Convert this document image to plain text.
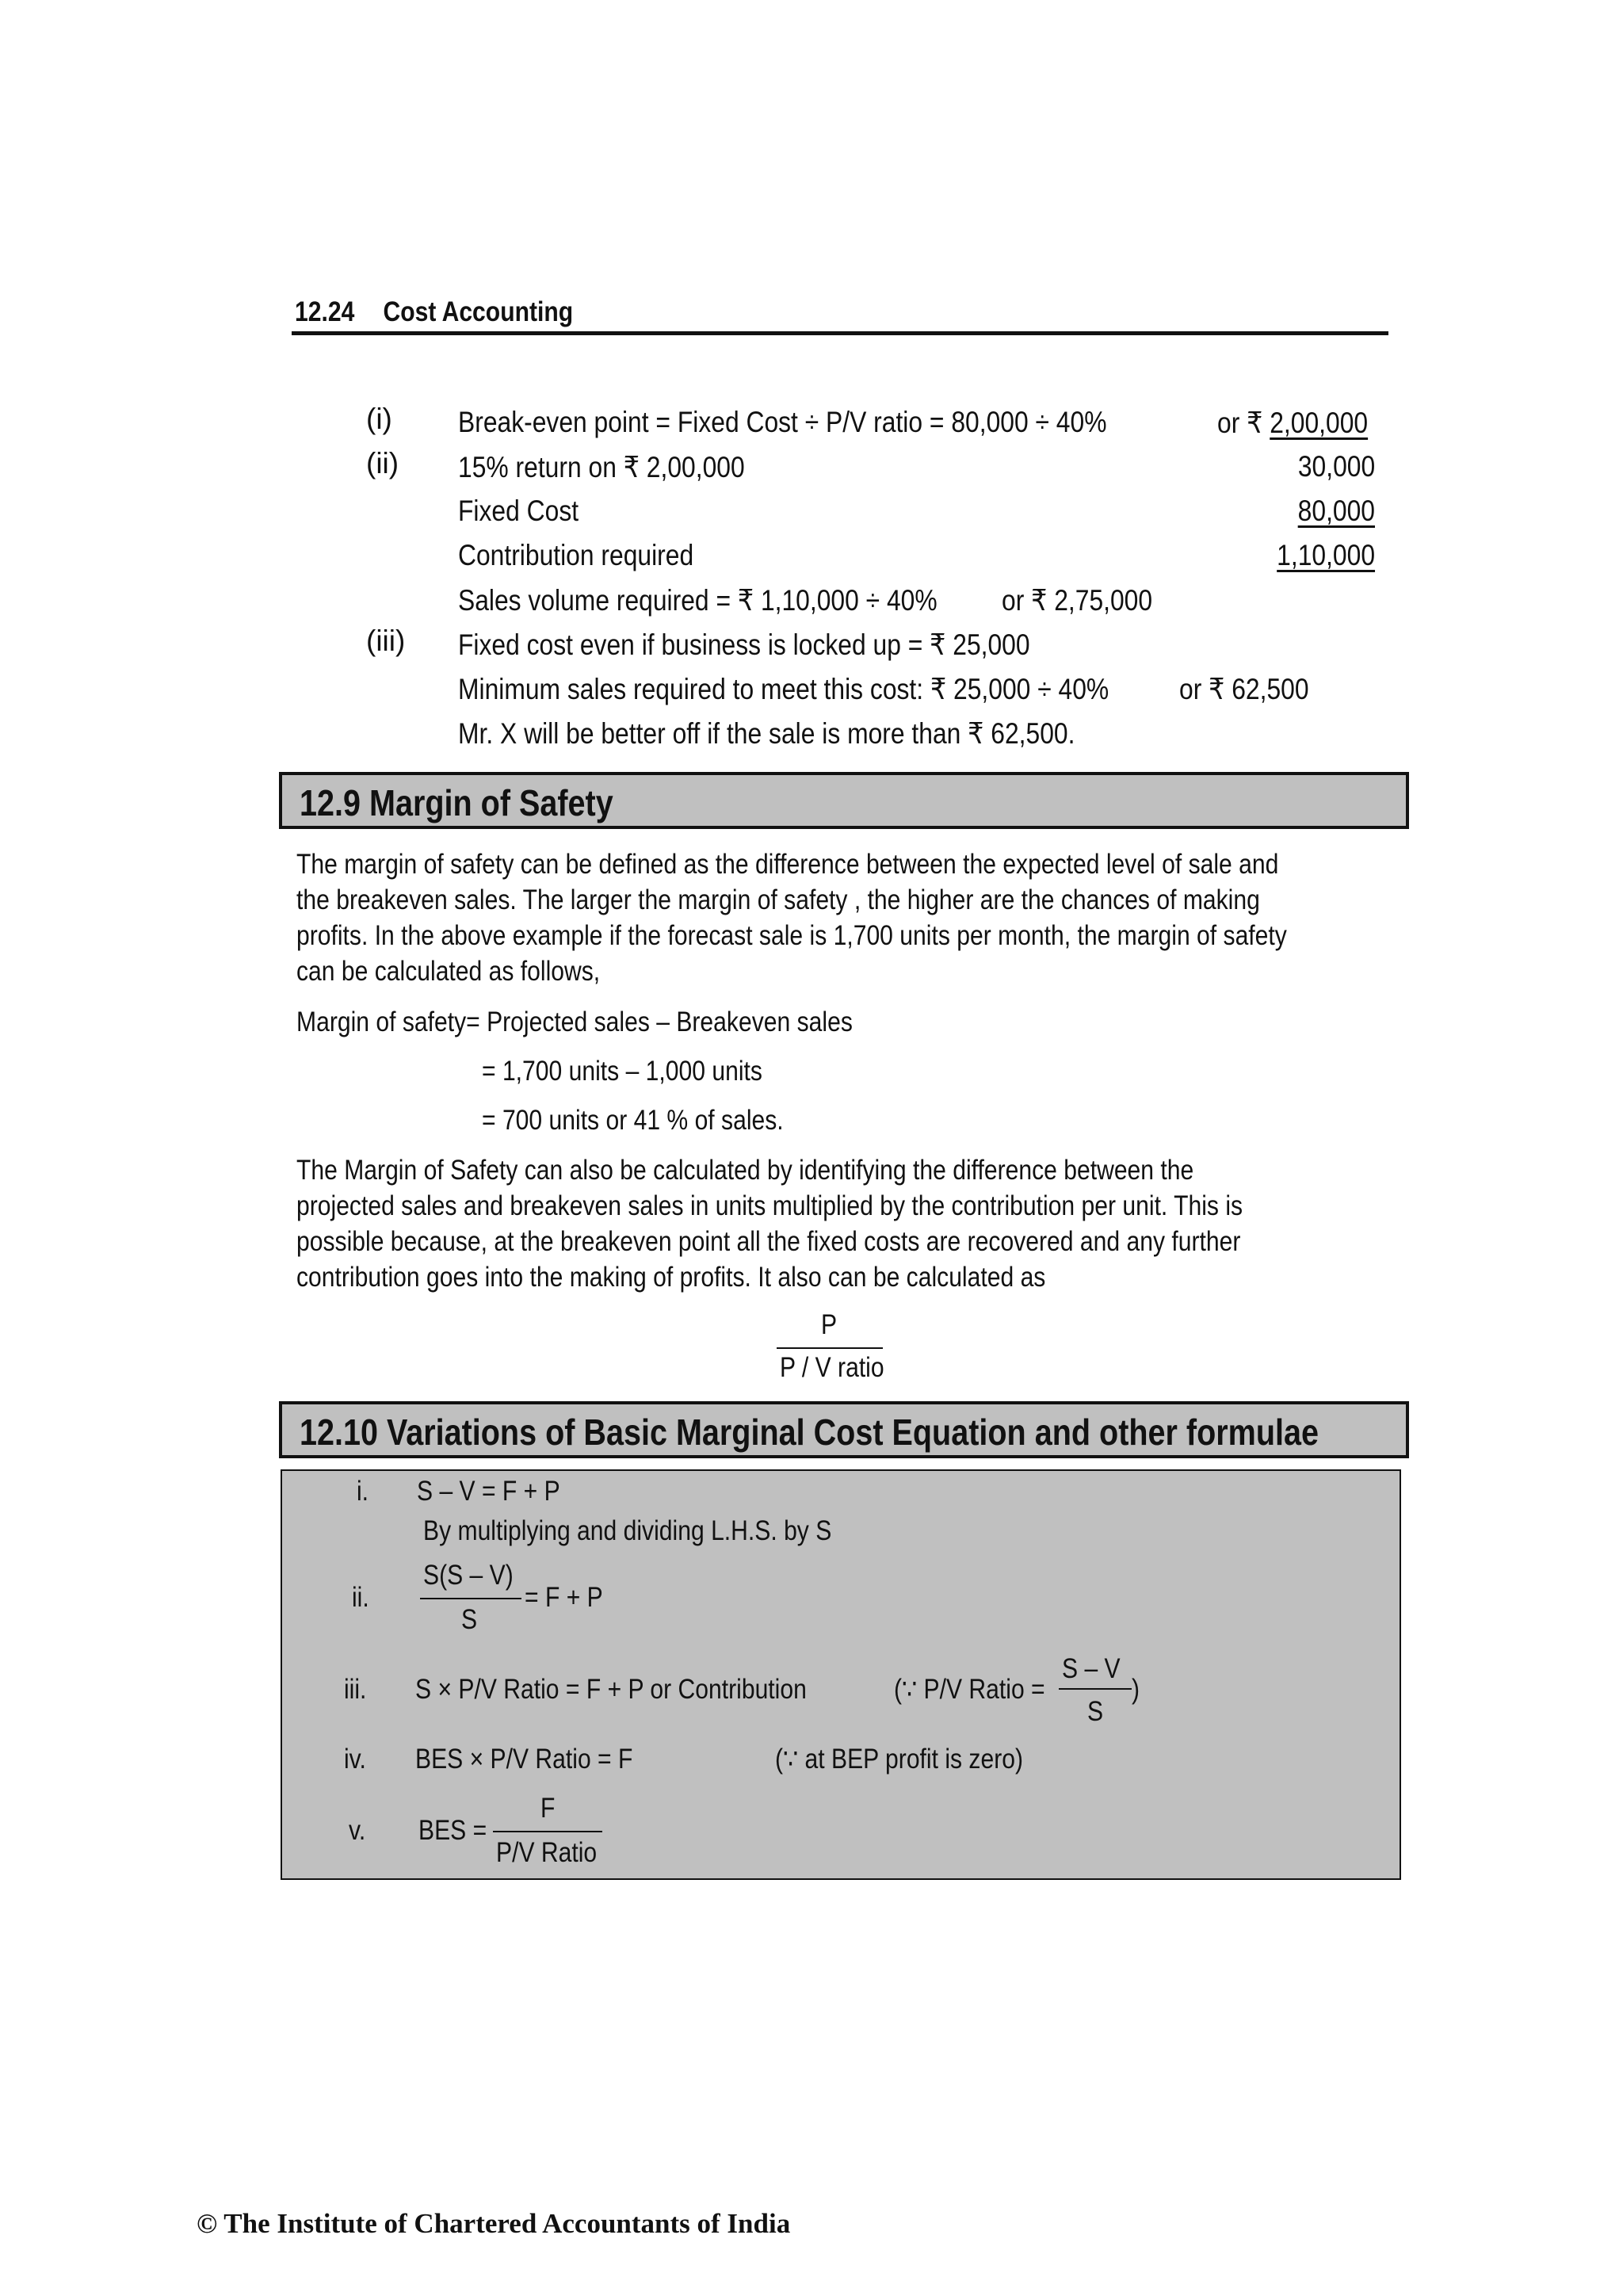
12.24 Cost Accounting
(i) Break-even point = Fixed Cost ÷ P/V ratio = 80,000 ÷ 40%	or ₹ 2,00,000
(ii) 15% return on ₹ 2,00,000	30,000
Fixed Cost	80,000
Contribution required	1,10,000
Sales volume required = ₹ 1,10,000 ÷ 40% or ₹ 2,75,000
(iii) Fixed cost even if business is locked up = ₹ 25,000
Minimum sales required to meet this cost: ₹ 25,000 ÷ 40% or ₹ 62,500
Mr. X will be better off if the sale is more than ₹ 62,500.
12.9 Margin of Safety
The margin of safety can be defined as the difference between the expected level of sale and
the breakeven sales. The larger the margin of safety , the higher are the chances of making
profits. In the above example if the forecast sale is 1,700 units per month, the margin of safety
can be calculated as follows,
Margin of safety= Projected sales – Breakeven sales
= 1,700 units – 1,000 units
= 700 units or 41 % of sales.
The Margin of Safety can also be calculated by identifying the difference between the
projected sales and breakeven sales in units multiplied by the contribution per unit. This is
possible because, at the breakeven point all the fixed costs are recovered and any further
contribution goes into the making of profits. It also can be calculated as
P
P / V ratio
12.10 Variations of Basic Marginal Cost Equation and other formulae
i. S – V = F + P
By multiplying and dividing L.H.S. by S
ii.
S(S – V)
S
= F + P
iii. S × P/V Ratio = F + P or Contribution	(∵ P/V Ratio =
S – V
S
)
iv. BES × P/V Ratio = F	(∵ at BEP profit is zero)
v. BES =
F
P/V Ratio
© The Institute of Chartered Accountants of India
